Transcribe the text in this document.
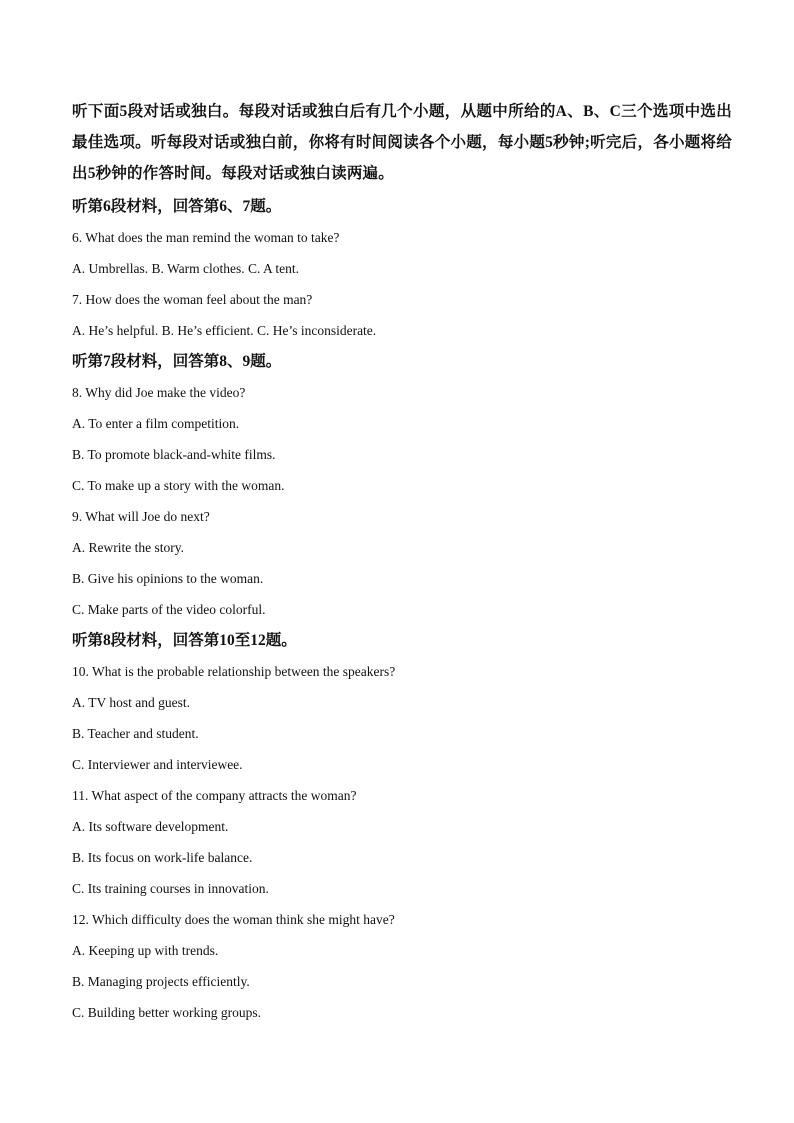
听下面5段对话或独白。每段对话或独白后有几个小题，从题中所给的A、B、C三个选项中选出最佳选项。听每段对话或独白前，你将有时间阅读各个小题，每小题5秒钟;听完后，各小题将给出5秒钟的作答时间。每段对话或独白读两遍。

听第6段材料，回答第6、7题。

6. What does the man remind the woman to take?

A. Umbrellas. B. Warm clothes. C. A tent.

7. How does the woman feel about the man?

A. He’s helpful. B. He’s efficient. C. He’s inconsiderate.

听第7段材料，回答第8、9题。

8. Why did Joe make the video?

A. To enter a film competition.

B. To promote black-and-white films.

C. To make up a story with the woman.

9. What will Joe do next?

A. Rewrite the story.

B. Give his opinions to the woman.

C. Make parts of the video colorful.

听第8段材料，回答第10至12题。

10. What is the probable relationship between the speakers?

A. TV host and guest.

B. Teacher and student.

C. Interviewer and interviewee.

11. What aspect of the company attracts the woman?

A. Its software development.

B. Its focus on work-life balance.

C. Its training courses in innovation.

12. Which difficulty does the woman think she might have?

A. Keeping up with trends.

B. Managing projects efficiently.

C. Building better working groups.
